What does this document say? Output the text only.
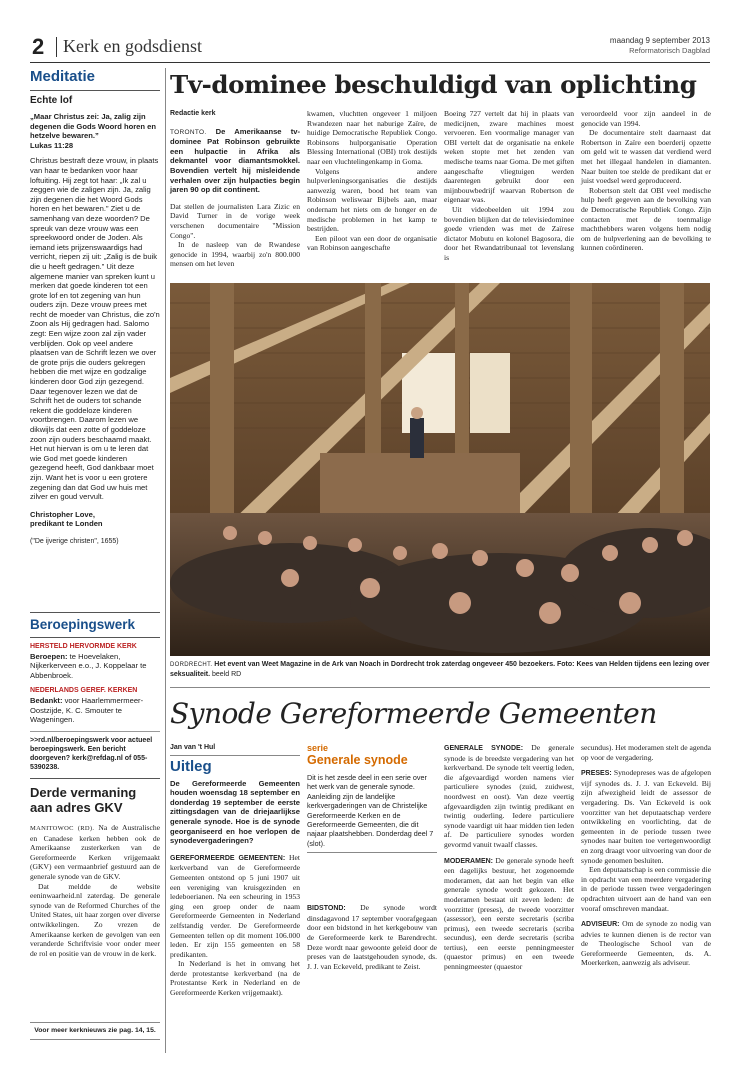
2 Kerk en godsdienst	maandag 9 september 2013
Reformatorisch Dagblad
Meditatie
Echte lof
„Maar Christus zei: Ja, zalig zijn degenen die Gods Woord horen en hetzelve bewaren.”
Lukas 11:28
Christus bestraft deze vrouw, in plaats van haar te bedanken voor haar loftuiting. Hij zegt tot haar: „Ik zal u zeggen wie de zaligen zijn. Ja, zalig zijn degenen die het Woord Gods horen en het bewaren.” Ziet u de samenhang van deze woorden? De spreuk van deze vrouw was een spreekwoord onder de Joden. Als iemand iets prijzenswaardigs had verricht, riepen zij uit: „Zalig is de buik die u heeft gedragen.” Uit deze algemene manier van spreken kunt u merken dat goede kinderen tot een grote lof en tot zegening van hun ouders zijn. Deze vrouw prees met recht de moeder van Christus, die zo'n Zoon als Hij gedragen had. Salomo zegt: Een wijze zoon zal zijn vader verblijden. Ook op veel andere plaatsen van de Schrift lezen we over de grote prijs die ouders gekregen hebben die met wijze en godzalige kinderen door God zijn gezegend. Daar tegenover lezen we dat de Schrift het de ouders tot schande rekent die goddeloze kinderen voortbrengen. Daarom lezen we dikwijls dat een zotte of goddeloze zoon zijn ouders beschaamd maakt. Het nut hiervan is om u te leren dat wie God met goede kinderen gezegend heeft, God dankbaar moet zijn. Want het is voor u een grotere zegening dan dat God uw huis met zilver en goud vervult.
Christopher Love,
predikant te Londen
("De ijverige christen", 1655)
Beroepingswerk
HERSTELD HERVORMDE KERK
Beroepen: te Hoevelaken, Nijkerkerveen e.o., J. Koppelaar te Abbenbroek.
NEDERLANDS GEREF. KERKEN
Bedankt: voor Haarlemmermeer-Oostzijde, K. C. Smouter te Wageningen.
>>rd.nl/beroepingswerk voor actueel beroepingswerk. Een bericht doorgeven? kerk@refdag.nl of 055-5390238.
Derde vermaning
aan adres GKV

MANITOWOC (RD). Na de Australische en Canadese kerken hebben ook de Amerikaanse zusterkerken van de Gereformeerde Kerken vrijgemaakt (GKV) een vermaanbrief gestuurd aan de generale synode van de GKV.

Dat meldde de website eeninwaarheid.nl zaterdag. De generale synode van de Reformed Churches of the United States, uit haar zorgen over diverse ontwikkelingen. Zo vrezen de Amerikaanse kerken de gevolgen van een veranderde Schriftvisie voor onder meer de rol en positie van de vrouw in de kerk.

Voor meer kerknieuws zie pag. 14, 15.
Tv-dominee beschuldigd van oplichting
Redactie kerk
TORONTO. De Amerikaanse tv-dominee Pat Robinson gebruikte een hulpactie in Afrika als dekmantel voor diamantsmokkel. Bovendien vertelt hij misleidende verhalen over zijn hulpacties begin jaren 90 op dit continent.

Dat stellen de journalisten Lara Zizic en David Turner in de vorige week verschenen documentaire "Mission Congo".

In de nasleep van de Rwandese genocide in 1994, waarbij zo'n 800.000 mensen om het leven

kwamen, vluchtten ongeveer 1 miljoen Rwandezen naar het naburige Zaïre, de huidige Democratische Republiek Congo. Robinsons hulporganisatie Operation Blessing International (OBI) trok destijds naar een vluchtelingenkamp in Goma.

Volgens andere hulpverleningsorganisaties die destijds aanwezig waren, bood het team van Robinson weliswaar Bijbels aan, maar ondernam het niets om de honger en de medische problemen in het kamp te bestrijden.

Een piloot van een door de organisatie van Robinson aangeschafte

Boeing 727 vertelt dat hij in plaats van medicijnen, zware machines moest vervoeren. Een voormalige manager van OBI vertelt dat de organisatie na enkele weken stopte met het zenden van medische teams naar Goma. De met giften aangeschafte vliegtuigen werden daarentegen gebruikt door een mijnbouwbedrijf waarvan Robertson de eigenaar was.

Uit videobeelden uit 1994 zou bovendien blijken dat de televisiedominee goede vrienden was met de Zaïrese dictator Mobutu en kolonel Bagosora, die door het Rwandatribunaal tot levenslang is

veroordeeld voor zijn aandeel in de genocide van 1994.

De documentaire stelt daarnaast dat Robertson in Zaïre een boerderij opzette om geld wit te wassen dat verdiend werd met het illegaal handelen in diamanten. Naar buiten toe stelde de predikant dat er juist voedsel werd geproduceerd.

Robertson stelt dat OBI veel medische hulp heeft gegeven aan de bevolking van de Democratische Republiek Congo. Zijn contacten met de toenmalige machthebbers waren volgens hem nodig om de hulpverlening aan de bevolking te kunnen coördineren.

DORDRECHT. Het event van Weet Magazine in de Ark van Noach in Dordrecht trok zaterdag ongeveer 450 bezoekers. Foto: Kees van Helden tijdens een lezing over seksualiteit. beeld RD
Synode Gereformeerde Gemeenten
Jan van 't Hul
Uitleg
De Gereformeerde Gemeenten houden woensdag 18 september en donderdag 19 september de eerste zittingsdagen van de driejaarlijkse generale synode. Hoe is de synode georganiseerd en hoe verlopen de synodevergaderingen?

GEREFORMEERDE GEMEENTEN: Het kerkverband van de Gereformeerde Gemeenten ontstond op 5 juni 1907 uit een vereniging van kruisgezinden en ledeboerianen. Na een scheuring in 1953 ging een groep onder de naam Gereformeerde Gemeenten in Nederland zelfstandig verder. De Gereformeerde Gemeenten tellen op dit moment 106.000 leden. Er zijn 155 gemeenten en 58 predikanten.

In Nederland is het in omvang het derde protestantse kerkverband (na de Protestantse Kerk in Nederland en de Gereformeerde Kerken vrijgemaakt).

serie
Generale synode
Dit is het zesde deel in een serie over het werk van de generale synode. Aanleiding zijn de landelijke kerkvergaderingen van de Christelijke Gereformeerde Kerken en de Gereformeerde Gemeenten, die dit najaar plaatshebben. Donderdag deel 7 (slot).

BIDSTOND: De synode wordt dinsdagavond 17 september voorafgegaan door een bidstond in het kerkgebouw van de Gereformeerde kerk te Barendrecht. Deze wordt naar gewoonte geleid door de preses van de laatstgehouden synode, ds. J. J. van Eckeveld, predikant te Zeist.

GENERALE SYNODE: De generale synode is de breedste vergadering van het kerkverband. De synode telt veertig leden, die afgevaardigd worden namens vier particuliere synodes (zuid, zuidwest, noordwest en oost). Van deze veertig afgevaardigden zijn twintig predikant en twintig ouderling. Iedere particuliere synode vaardigt uit haar midden tien leden af. De particuliere synodes worden gevormd vanuit twaalf classes.

MODERAMEN: De generale synode heeft een dagelijks bestuur, het zogenoemde moderamen, dat aan het begin van elke generale synode wordt gekozen. Het moderamen bestaat uit zeven leden: de voorzitter (preses), de tweede voorzitter (assessor), een eerste secretaris (scriba primus), een tweede secretaris (scriba secundus), een derde secretaris (scriba tertius), een eerste penningmeester (quaestor primus) en een tweede penningmeester (quaestor

secundus). Het moderamen stelt de agenda op voor de vergadering.

PRESES: Synodepreses was de afgelopen vijf synodes ds. J. J. van Eckeveld. Bij zijn afwezigheid leidt de assessor de vergadering. Ds. Van Eckeveld is ook voorzitter van het deputaatschap verdere ontwikkeling en voorlichting, dat de gemeenten in de periode tussen twee synodes naar buiten toe vertegenwoordigt en zorg draagt voor uitvoering van door de synode genomen besluiten.

Een deputaatschap is een commissie die in opdracht van een meerdere vergadering in de periode tussen twee vergaderingen opdrachten uitvoert aan de hand van een vooraf omschreven mandaat.

ADVISEUR: Om de synode zo nodig van advies te kunnen dienen is de rector van de Theologische School van de Gereformeerde Gemeenten, ds. A. Moerkerken, aanwezig als adviseur.
